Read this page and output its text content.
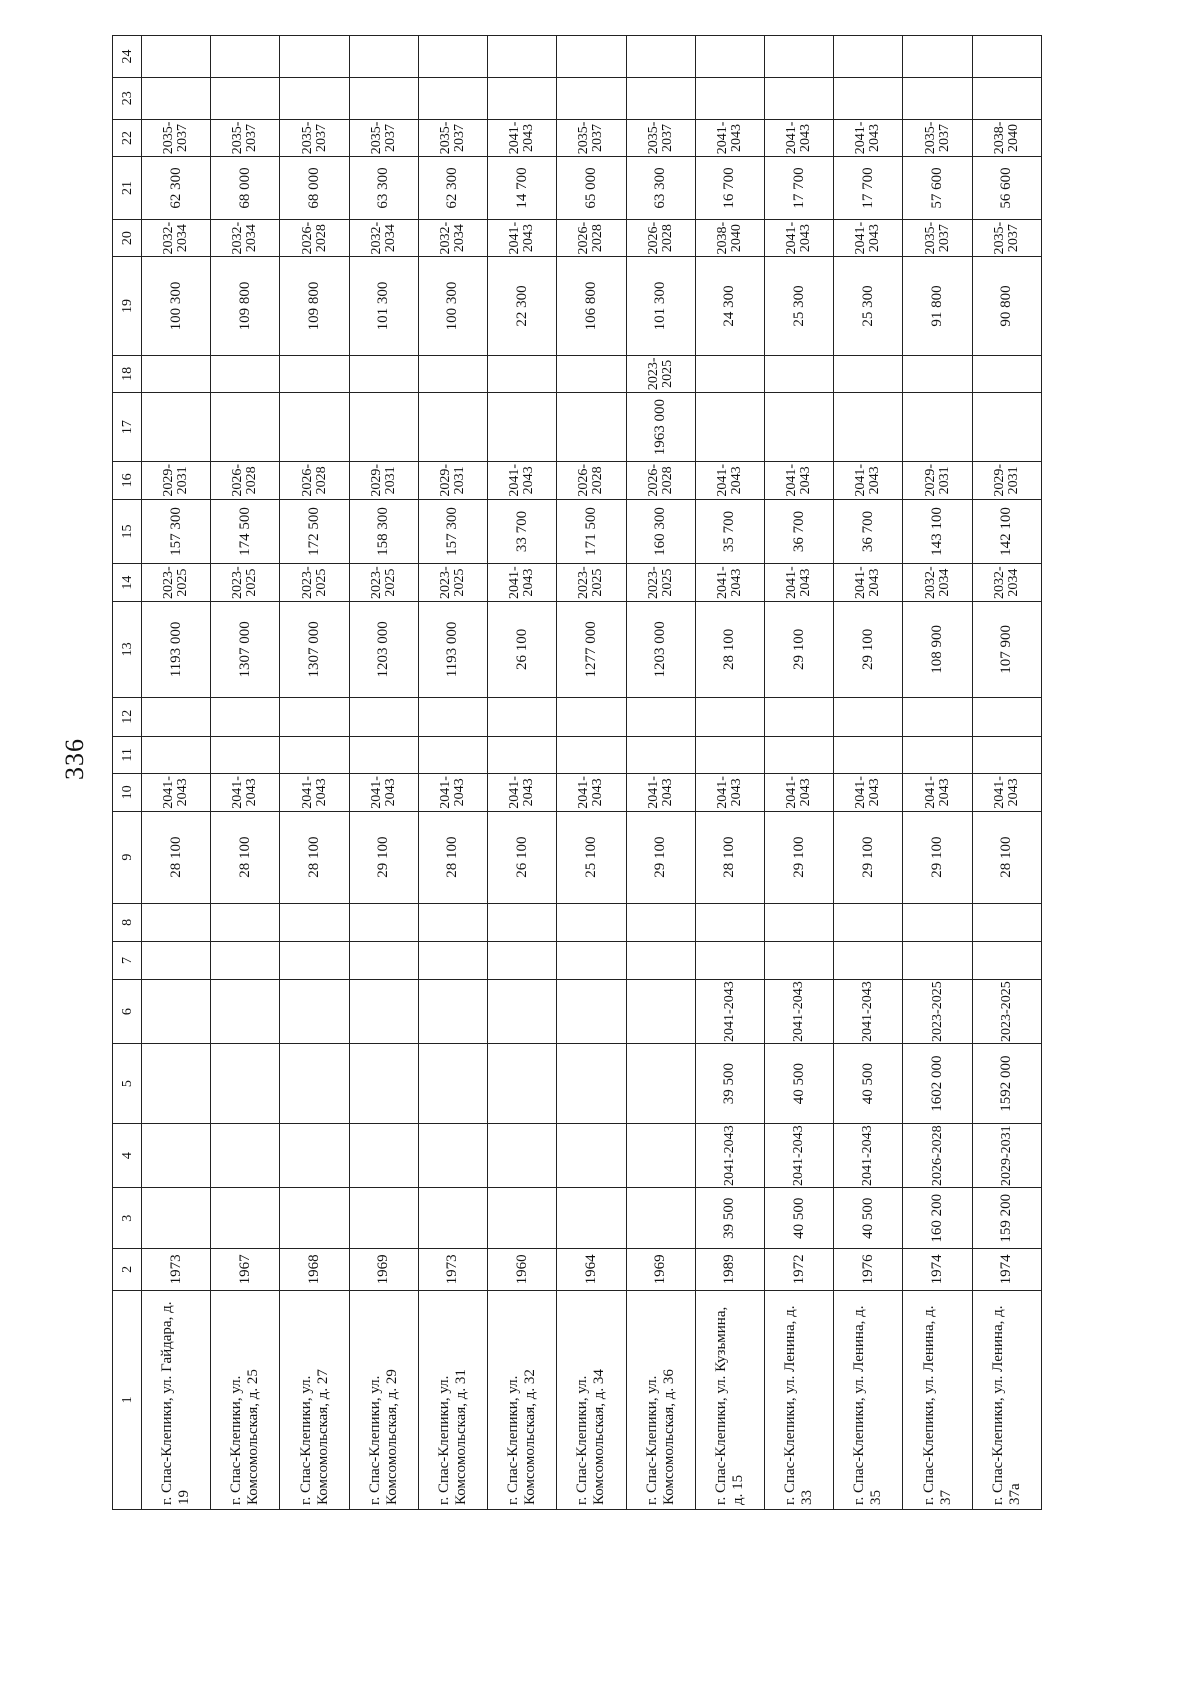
336
1	2	3	4	5	6	7	8	9	10	11	12	13	14	15	16	17	18	19	20	21	22	23	24
г. Спас-Клепики, ул. Гайдара, д. 19	1973							28 100	2041-2043			1193 000	2023-2025	157 300	2029-2031			100 300	2032-2034	62 300	2035-2037		
г. Спас-Клепики, ул. Комсомольская, д. 25	1967							28 100	2041-2043			1307 000	2023-2025	174 500	2026-2028			109 800	2032-2034	68 000	2035-2037		
г. Спас-Клепики, ул. Комсомольская, д. 27	1968							28 100	2041-2043			1307 000	2023-2025	172 500	2026-2028			109 800	2026-2028	68 000	2035-2037		
г. Спас-Клепики, ул. Комсомольская, д. 29	1969							29 100	2041-2043			1203 000	2023-2025	158 300	2029-2031			101 300	2032-2034	63 300	2035-2037		
г. Спас-Клепики, ул. Комсомольская, д. 31	1973							28 100	2041-2043			1193 000	2023-2025	157 300	2029-2031			100 300	2032-2034	62 300	2035-2037		
г. Спас-Клепики, ул. Комсомольская, д. 32	1960							26 100	2041-2043			26 100	2041-2043	33 700	2041-2043			22 300	2041-2043	14 700	2041-2043		
г. Спас-Клепики, ул. Комсомольская, д. 34	1964							25 100	2041-2043			1277 000	2023-2025	171 500	2026-2028			106 800	2026-2028	65 000	2035-2037		
г. Спас-Клепики, ул. Комсомольская, д. 36	1969							29 100	2041-2043			1203 000	2023-2025	160 300	2026-2028	1963 000	2023-2025	101 300	2026-2028	63 300	2035-2037		
г. Спас-Клепики, ул. Кузьмина, д. 15	1989	39 500	2041-2043	39 500	2041-2043			28 100	2041-2043			28 100	2041-2043	35 700	2041-2043			24 300	2038-2040	16 700	2041-2043		
г. Спас-Клепики, ул. Ленина, д. 33	1972	40 500	2041-2043	40 500	2041-2043			29 100	2041-2043			29 100	2041-2043	36 700	2041-2043			25 300	2041-2043	17 700	2041-2043		
г. Спас-Клепики, ул. Ленина, д. 35	1976	40 500	2041-2043	40 500	2041-2043			29 100	2041-2043			29 100	2041-2043	36 700	2041-2043			25 300	2041-2043	17 700	2041-2043		
г. Спас-Клепики, ул. Ленина, д. 37	1974	160 200	2026-2028	1602 000	2023-2025			29 100	2041-2043			108 900	2032-2034	143 100	2029-2031			91 800	2035-2037	57 600	2035-2037		
г. Спас-Клепики, ул. Ленина, д. 37а	1974	159 200	2029-2031	1592 000	2023-2025			28 100	2041-2043			107 900	2032-2034	142 100	2029-2031			90 800	2035-2037	56 600	2038-2040		
